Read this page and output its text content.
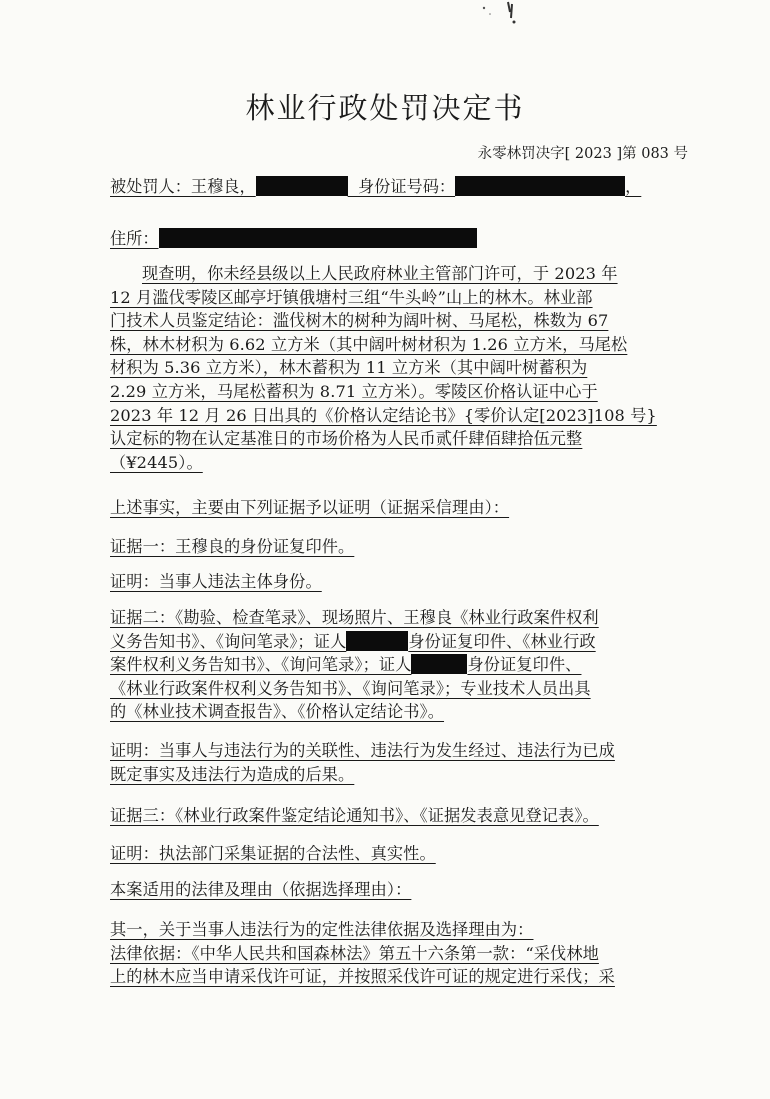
林业行政处罚决定书
永零林罚决字[ 2023 ]第 083 号
被处罚人：王穆良，	身份证号码：	，
住所：
现查明，你未经县级以上人民政府林业主管部门许可，于 2023 年
12 月滥伐零陵区邮亭圩镇俄塘村三组“牛头岭”山上的林木。林业部
门技术人员鉴定结论：滥伐树木的树种为阔叶树、马尾松，株数为 67
株，林木材积为 6.62 立方米（其中阔叶树材积为 1.26 立方米，马尾松
材积为 5.36 立方米），林木蓄积为 11 立方米（其中阔叶树蓄积为
2.29 立方米，马尾松蓄积为 8.71 立方米）。零陵区价格认证中心于
2023 年 12 月 26 日出具的《价格认定结论书》{零价认定[2023]108 号}
认定标的物在认定基准日的市场价格为人民币贰仟肆佰肆拾伍元整
（¥2445）。
上述事实，主要由下列证据予以证明（证据采信理由）：
证据一：王穆良的身份证复印件。
证明：当事人违法主体身份。
证据二：《勘验、检查笔录》、现场照片、王穆良《林业行政案件权利
义务告知书》、《询问笔录》；证人	身份证复印件、《林业行政
案件权利义务告知书》、《询问笔录》；证人	身份证复印件、
《林业行政案件权利义务告知书》、《询问笔录》；专业技术人员出具
的《林业技术调查报告》、《价格认定结论书》。
证明：当事人与违法行为的关联性、违法行为发生经过、违法行为已成
既定事实及违法行为造成的后果。
证据三：《林业行政案件鉴定结论通知书》、《证据发表意见登记表》。
证明：执法部门采集证据的合法性、真实性。
本案适用的法律及理由（依据选择理由）：
其一，关于当事人违法行为的定性法律依据及选择理由为：
法律依据：《中华人民共和国森林法》第五十六条第一款：“采伐林地
上的林木应当申请采伐许可证，并按照采伐许可证的规定进行采伐；采
